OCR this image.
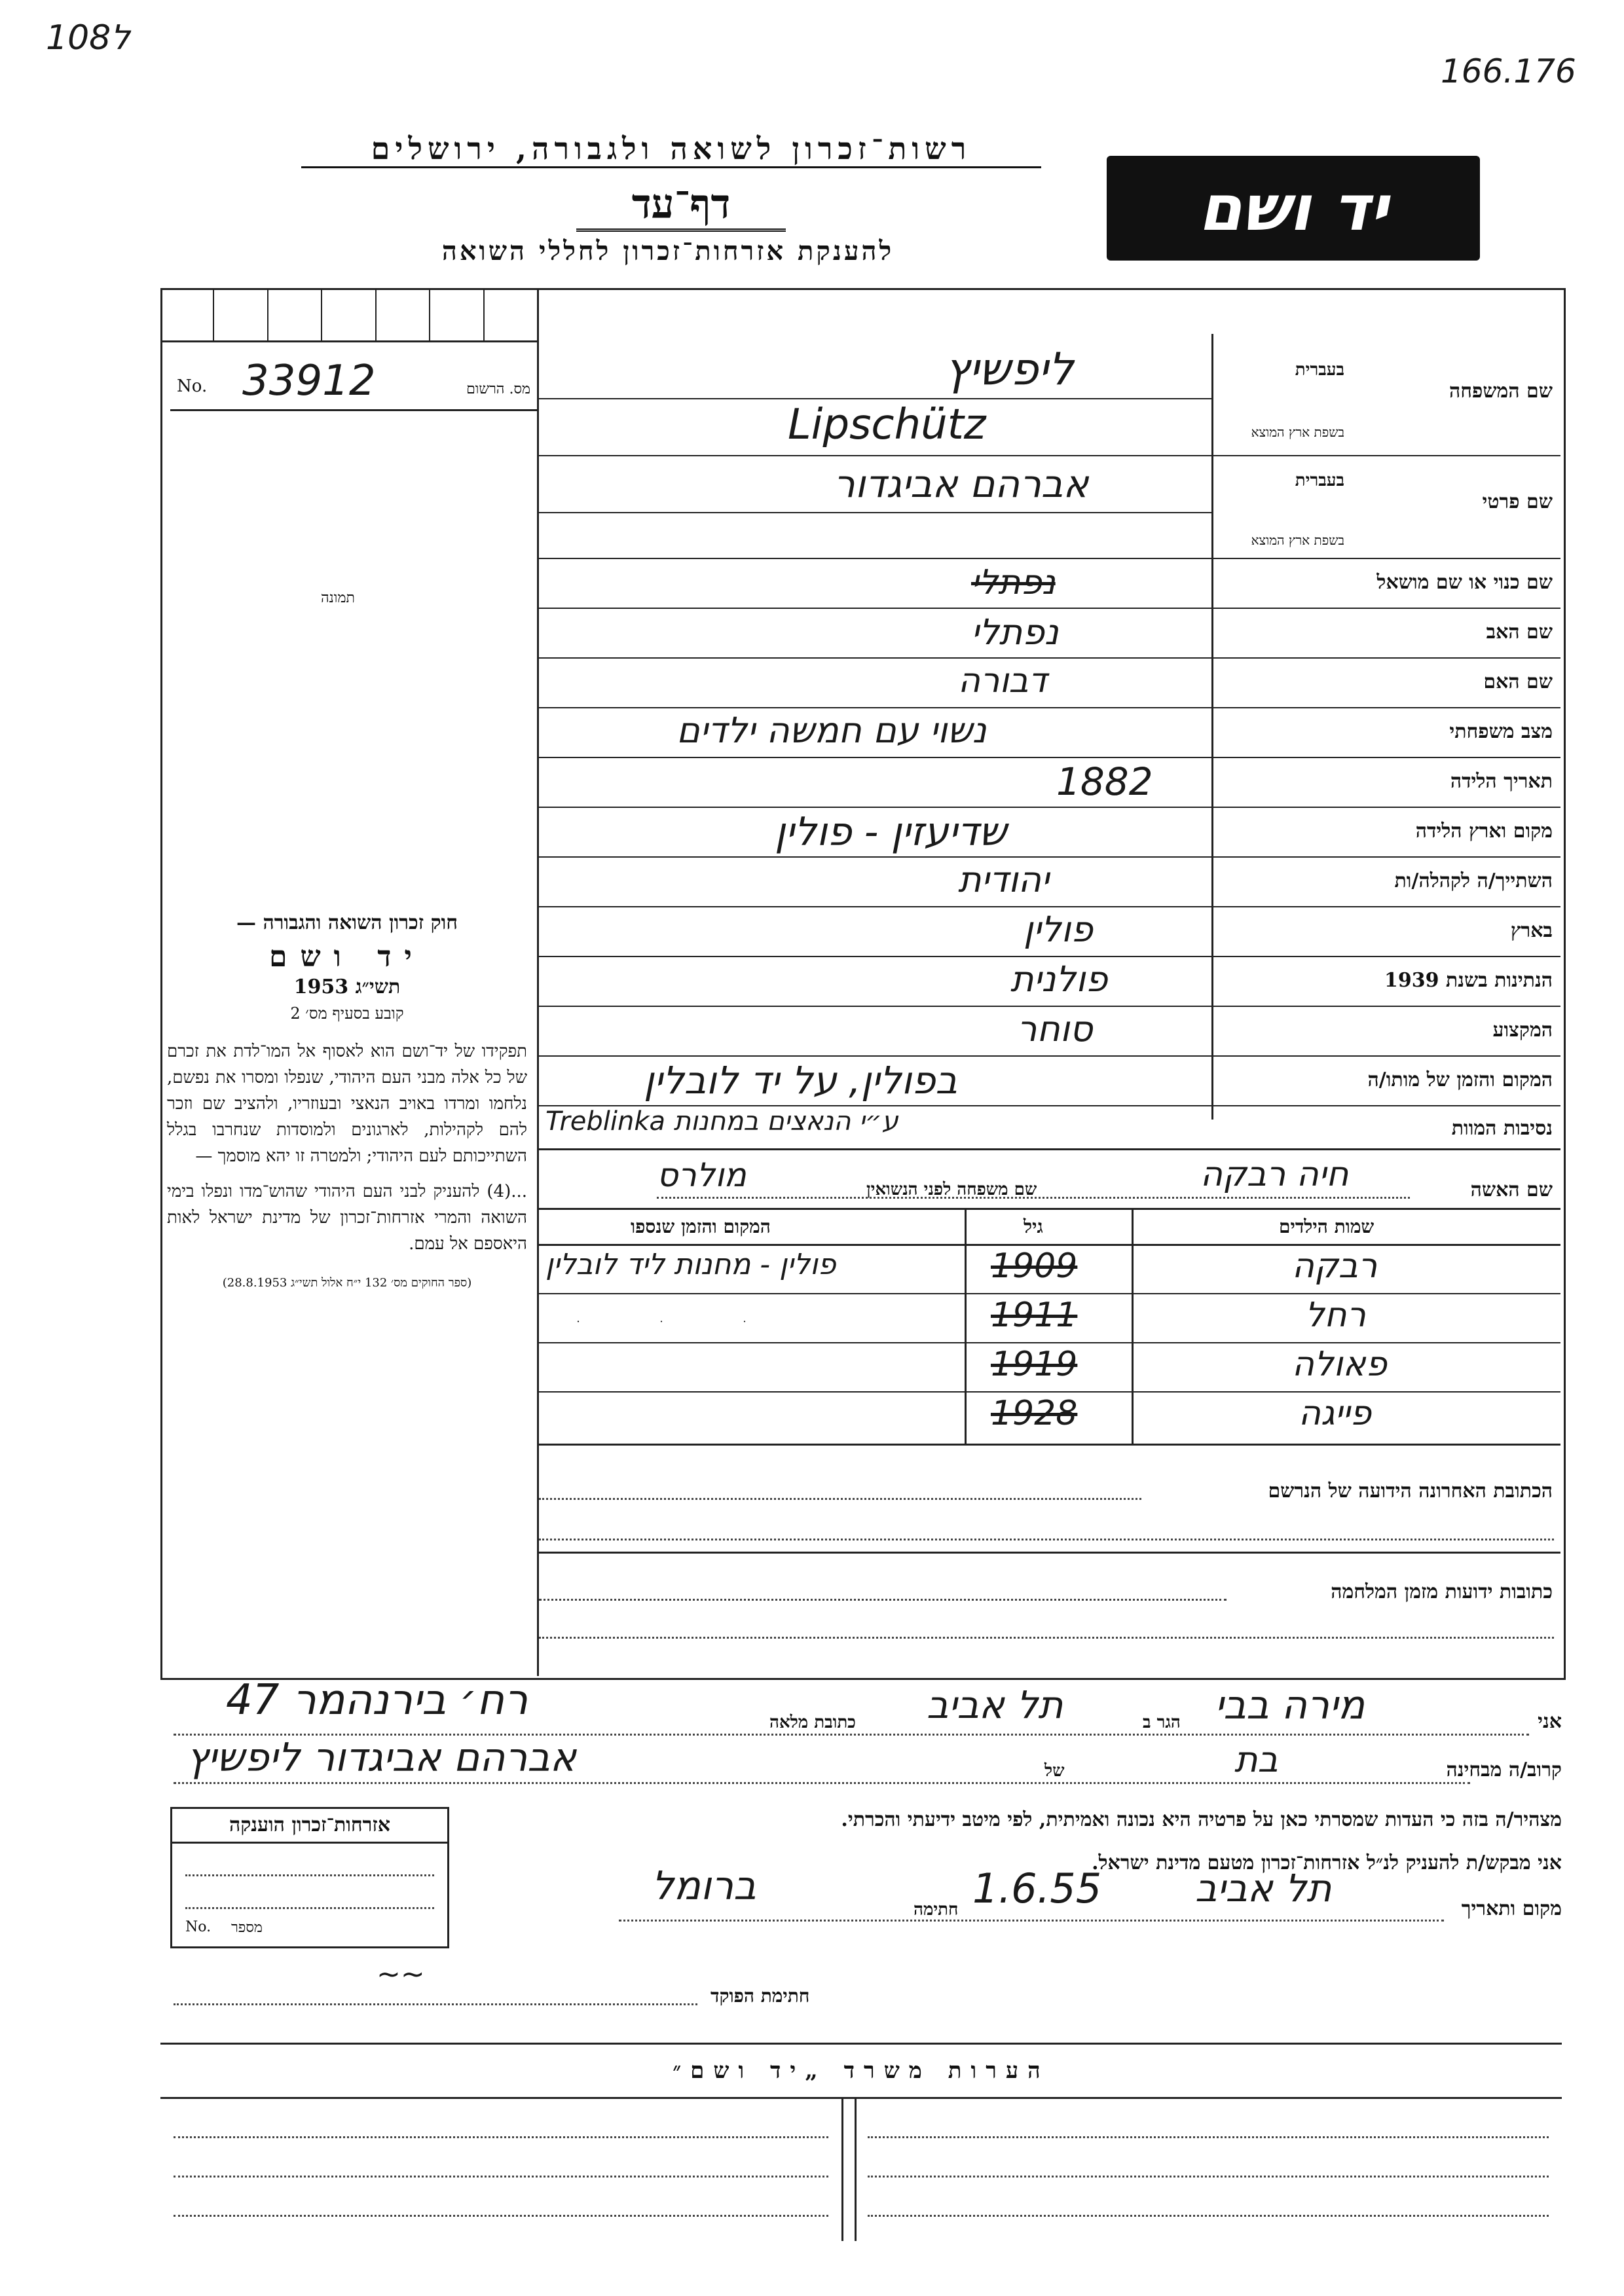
108ל
166.176
רשות־זכרון לשואה ולגבורה, ירושלים
דף־עד
להענקת אזרחות־זכרון לחללי השואה
יד ושם
No. 33912	מס. הרשום
תמונה
חוק זכרון השואה והגבורה —
יד ושם
תשי״ג 1953
קובע בסעיף מס׳ 2
תפקידו של יד־ושם הוא לאסוף אל המו־לדת את זכרם של כל אלה מבני העם היהודי, שנפלו ומסרו את נפשם, נלחמו ומרדו באויב הנאצי ובעוזריו, ולהציב שם וזכר להם לקהילות, לארגונים ולמוסדות שנחרבו בגלל השתייכותם לעם היהודי; ולמטרה זו יהא מוסמך —
...(4) להעניק לבני העם היהודי שהוש־מדו ונפלו בימי השואה והמרי אזרחות־זכרון של מדינת ישראל לאות היאספם אל עמם.
(ספר החוקים מס׳ 132 י״ח אלול תשי״ג 28.8.1953)
שם המשפחה
בעברית
בשפת ארץ המוצא
ליפשיץ
Lipschütz
שם פרטי
בעברית
בשפת ארץ המוצא
אברהם אביגדור
שם כנוי או שם מושאל
נפתלי
שם האב
נפתלי
שם האם
דבורה
מצב משפחתי
נשוי עם חמשה ילדים
תאריך הלידה
1882
מקום וארץ הלידה
שדיעזין - פולין
השתייך/ה לקהלה/ות
יהודית
בארץ
פולין
הנתינות בשנת 1939
פולנית
המקצוע
סוחר
המקום והזמן של מותו/ה
בפולין, על יד לובלין
נסיבות המוות
ע״י הנאצים במחנות Treblinka
שם האשה
חיה רבקה
שם משפחה לפני הנשואין
מולרס
שמות הילדים
גיל
המקום והזמן שנספו
רבקה
1909
פולין - מחנות ליד לובלין
רחל
1911
פאולה
1919
פייגה
1928
ׄ ׄ ׄ ׄ
הכתובת האחרונה הידועה של הנרשם
כתובות ידועות מזמן המלחמה
אני
מירה בבי
הגר ב
תל אביב
כתובת מלאה
רח׳ בירנהמר 47
קרוב/ה מבחינה
בת
של
אברהם אביגדור ליפשיץ
מצהיר/ה בזה כי העדות שמסרתי כאן על פרטיה היא נכונה ואמיתית, לפי מיטב ידיעתי והכרתי.
אני מבקש/ת להעניק לנ״ל אזרחות־זכרון מטעם מדינת ישראל.
מקום ותאריך
תל אביב
1.6.55
חתימה
ברומל
חתימת הפוקד
~~
אזרחות־זכרון הוענקה
No. מספר
הערות משרד „יד ושם״
